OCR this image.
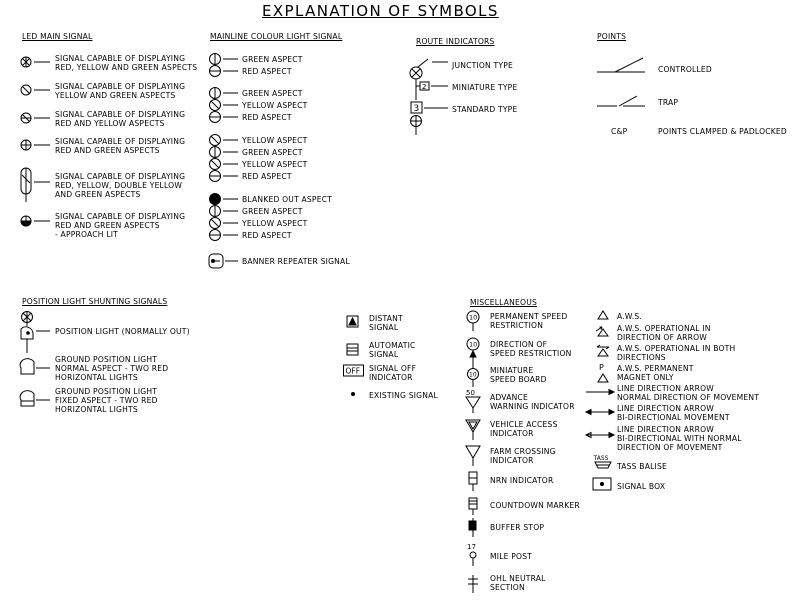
EXPLANATION OF SYMBOLS
LED MAIN SIGNAL
SIGNAL CAPABLE OF DISPLAYING
RED, YELLOW AND GREEN ASPECTS
SIGNAL CAPABLE OF DISPLAYING
YELLOW AND GREEN ASPECTS
SIGNAL CAPABLE OF DISPLAYING
RED AND YELLOW ASPECTS
SIGNAL CAPABLE OF DISPLAYING
RED AND GREEN ASPECTS
SIGNAL CAPABLE OF DISPLAYING
RED, YELLOW, DOUBLE YELLOW
AND GREEN ASPECTS
SIGNAL CAPABLE OF DISPLAYING
RED AND GREEN ASPECTS
- APPROACH LIT
MAINLINE COLOUR LIGHT SIGNAL
GREEN ASPECT
RED ASPECT
GREEN ASPECT
YELLOW ASPECT
RED ASPECT
YELLOW ASPECT
GREEN ASPECT
YELLOW ASPECT
RED ASPECT
BLANKED OUT ASPECT
GREEN ASPECT
YELLOW ASPECT
RED ASPECT
BANNER REPEATER SIGNAL
ROUTE INDICATORS
2
3
JUNCTION TYPE
MINIATURE TYPE
STANDARD TYPE
POINTS
CONTROLLED
TRAP
C&P	POINTS CLAMPED & PADLOCKED
POSITION LIGHT SHUNTING SIGNALS
POSITION LIGHT (NORMALLY OUT)
GROUND POSITION LIGHT
NORMAL ASPECT - TWO RED
HORIZONTAL LIGHTS
GROUND POSITION LIGHT
FIXED ASPECT - TWO RED
HORIZONTAL LIGHTS
DISTANT
SIGNAL
AUTOMATIC
SIGNAL
OFF SIGNAL OFF
INDICATOR
EXISTING SIGNAL
MISCELLANEOUS
10 PERMANENT SPEED
RESTRICTION
10 DIRECTION OF
SPEED RESTRICTION
10 MINIATURE
SPEED BOARD
50 ADVANCE
WARNING INDICATOR
VEHICLE ACCESS
INDICATOR
FARM CROSSING
INDICATOR
NRN INDICATOR
COUNTDOWN MARKER
BUFFER STOP
17
MILE POST
OHL NEUTRAL
SECTION
A.W.S.
A.W.S. OPERATIONAL IN
DIRECTION OF ARROW
A.W.S. OPERATIONAL IN BOTH
DIRECTIONS
P A.W.S. PERMANENT
MAGNET ONLY
LINE DIRECTION ARROW
NORMAL DIRECTION OF MOVEMENT
LINE DIRECTION ARROW
BI-DIRECTIONAL MOVEMENT
LINE DIRECTION ARROW
BI-DIRECTIONAL WITH NORMAL
DIRECTION OF MOVEMENT
TASS
TASS BALISE
SIGNAL BOX
